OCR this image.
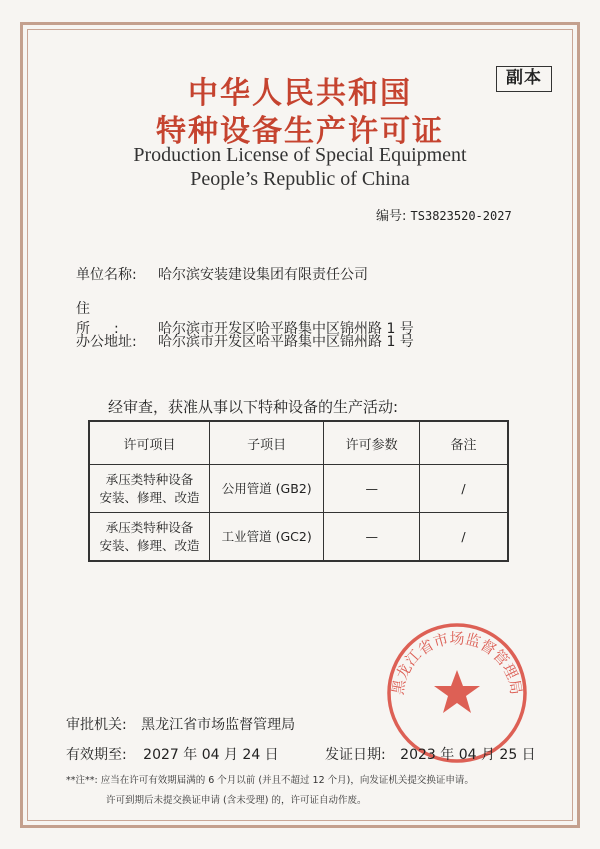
副本
中华人民共和国
特种设备生产许可证
Production License of Special Equipment
People’s Republic of China
编号: TS3823520-2027
单位名称: 哈尔滨安装建设集团有限责任公司
住所: 哈尔滨市开发区哈平路集中区锦州路 1 号
办公地址: 哈尔滨市开发区哈平路集中区锦州路 1 号
经审查，获准从事以下特种设备的生产活动:
许可项目	子项目	许可参数	备注

承压类特种设备
安装、修理、改造	公用管道 (GB2)	—	/

承压类特种设备
安装、修理、改造	工业管道 (GC2)	—	/
黑龙江省市场监督管理局
审批机关: 黑龙江省市场监督管理局
有效期至: 2027 年 04 月 24 日	发证日期: 2023 年 04 月 25 日
**注**: 应当在许可有效期届满的 6 个月以前 (并且不超过 12 个月)，向发证机关提交换证申请。
许可到期后未提交换证申请 (含未受理) 的，许可证自动作废。
